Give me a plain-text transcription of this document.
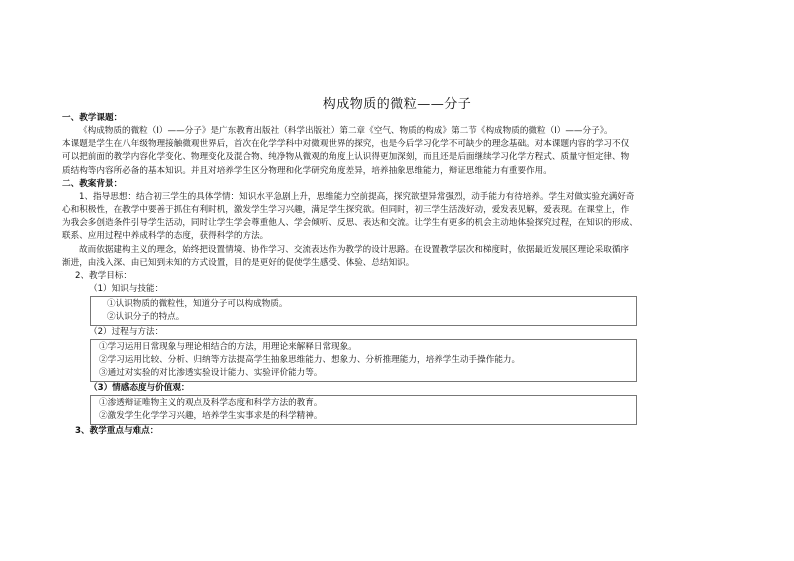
构成物质的微粒——分子
一、教学课题：
《构成物质的微粒（Ⅰ）——分子》是广东教育出版社（科学出版社）第二章《空气、物质的构成》第二节《构成物质的微粒（Ⅰ）——分子》。
本课题是学生在八年级物理接触微观世界后，首次在化学学科中对微观世界的探究，也是今后学习化学不可缺少的理念基础。对本课题内容的学习不仅
可以把前面的教学内容化学变化、物理变化及混合物、纯净物从微观的角度上认识得更加深刻，而且还是后面继续学习化学方程式、质量守恒定律、物
质结构等内容所必备的基本知识。并且对培养学生区分物理和化学研究角度差异，培养抽象思维能力，辩证思维能力有重要作用。
二、教案背景：
1、指导思想：结合初三学生的具体学情：知识水平急剧上升，思维能力空前提高，探究欲望异常强烈，动手能力有待培养。学生对做实验充满好奇
心和积极性，在教学中要善于抓住有利时机，激发学生学习兴趣，满足学生探究欲。但同时，初三学生活泼好动，爱发表见解，爱表现。在课堂上，作
为我会多创造条件引导学生活动，同时让学生学会尊重他人、学会倾听、反思、表达和交流。让学生有更多的机会主动地体验探究过程，在知识的形成、
联系、应用过程中养成科学的态度，获得科学的方法。
故而依据建构主义的理念，始终把设置情境、协作学习、交流表达作为教学的设计思路。在设置教学层次和梯度时，依据最近发展区理论采取循序
渐进，由浅入深、由已知到未知的方式设置，目的是更好的促使学生感受、体验、总结知识。
2、教学目标：
（1）知识与技能：
①认识物质的微粒性，知道分子可以构成物质。
②认识分子的特点。
（2）过程与方法：
①学习运用日常现象与理论相结合的方法，用理论来解释日常现象。
②学习运用比较、分析、归纳等方法提高学生抽象思维能力、想象力、分析推理能力，培养学生动手操作能力。
③通过对实验的对比渗透实验设计能力、实验评价能力等。
（3）情感态度与价值观：
①渗透辩证唯物主义的观点及科学态度和科学方法的教育。
②激发学生化学学习兴趣，培养学生实事求是的科学精神。
3、教学重点与难点：
